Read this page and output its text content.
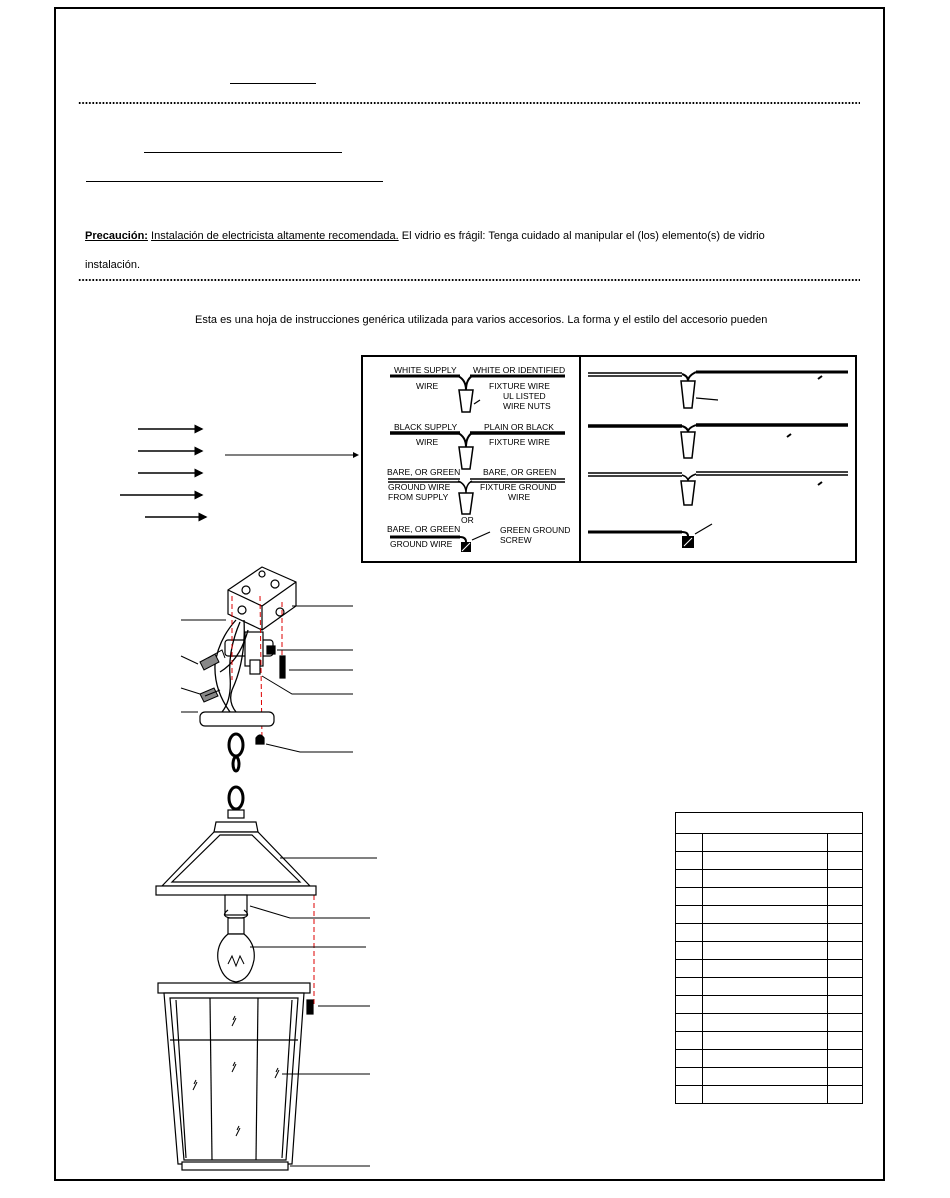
Precaución: Instalación de electricista altamente recomendada. El vidrio es frágil: Tenga cuidado al manipular el (los) elemento(s) de vidrio
instalación.
Esta es una hoja de instrucciones genérica utilizada para varios accesorios. La forma y el estilo del accesorio pueden
WHITE SUPPLY
WIRE
WHITE OR IDENTIFIED
FIXTURE WIRE
UL LISTED
WIRE NUTS
BLACK SUPPLY
WIRE
PLAIN OR BLACK
FIXTURE WIRE
BARE, OR GREEN
GROUND WIRE
FROM SUPPLY
BARE, OR GREEN
FIXTURE GROUND
WIRE
OR
BARE, OR GREEN
GROUND WIRE
GREEN GROUND
SCREW
